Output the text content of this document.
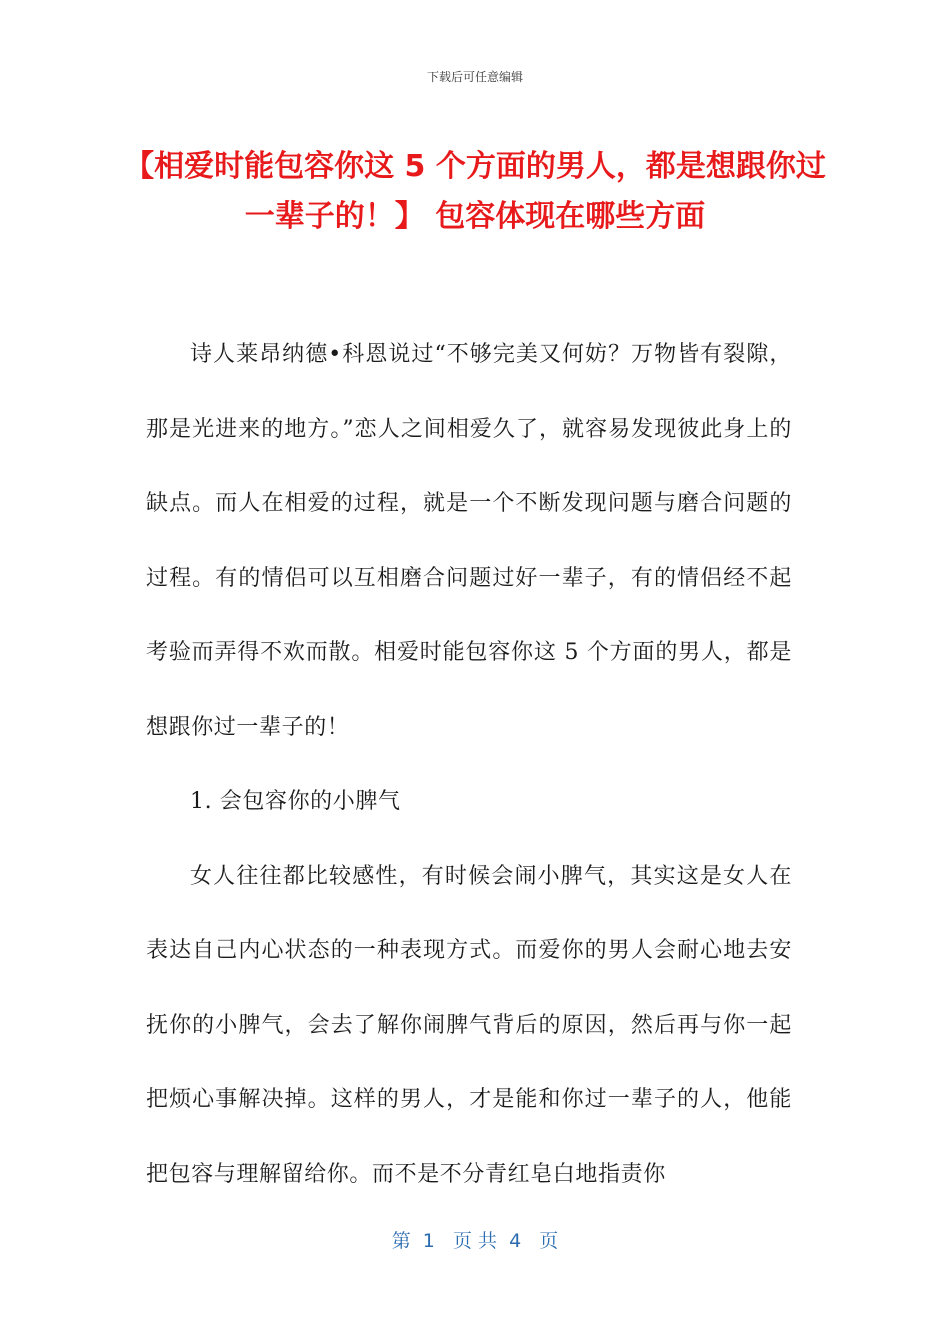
下载后可任意编辑
【相爱时能包容你这 5 个方面的男人，都是想跟你过一辈子的！】 包容体现在哪些方面

诗人莱昂纳德•科恩说过“不够完美又何妨？万物皆有裂隙，那是光进来的地方。”恋人之间相爱久了，就容易发现彼此身上的缺点。而人在相爱的过程，就是一个不断发现问题与磨合问题的过程。有的情侣可以互相磨合问题过好一辈子，有的情侣经不起考验而弄得不欢而散。相爱时能包容你这 5 个方面的男人，都是想跟你过一辈子的！

1. 会包容你的小脾气

女人往往都比较感性，有时候会闹小脾气，其实这是女人在表达自己内心状态的一种表现方式。而爱你的男人会耐心地去安抚你的小脾气，会去了解你闹脾气背后的原因，然后再与你一起把烦心事解决掉。这样的男人，才是能和你过一辈子的人，他能把包容与理解留给你。而不是不分青红皂白地指责你

第  1   页 共  4   页
